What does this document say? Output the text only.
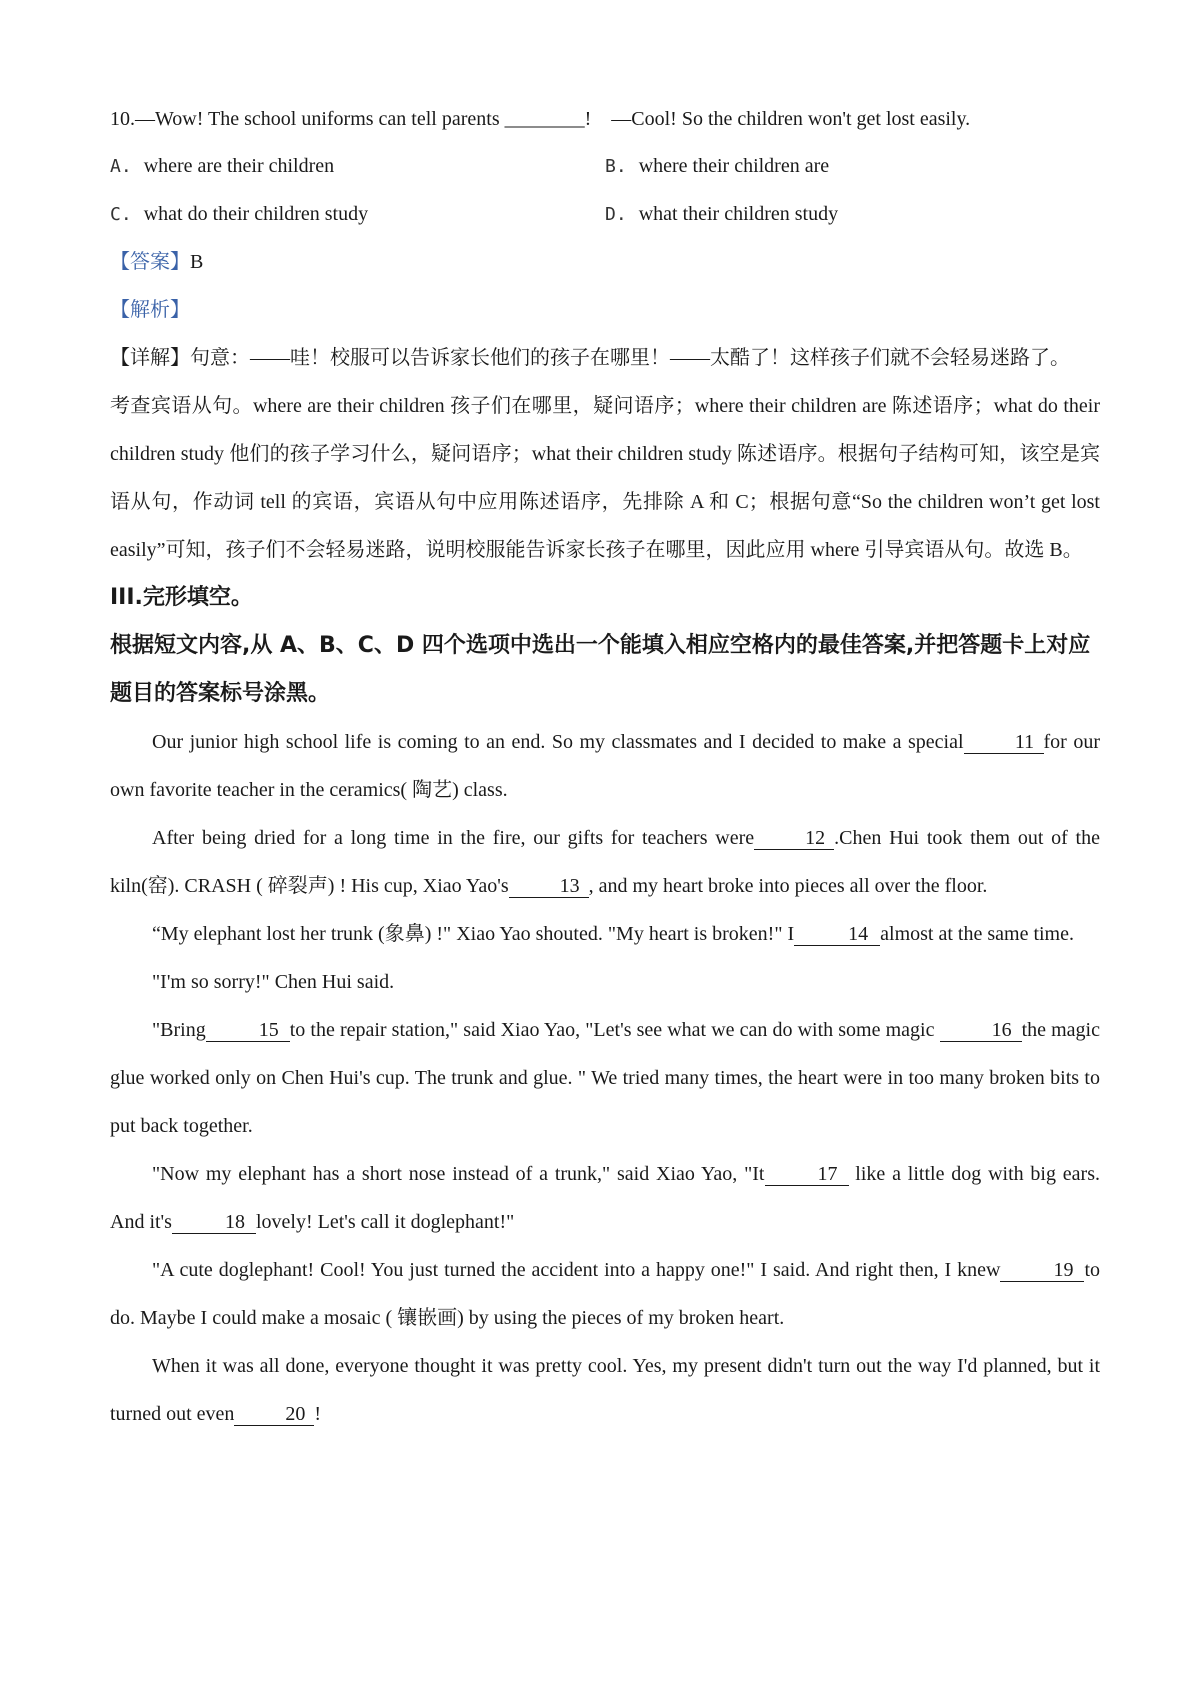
10.—Wow! The school uniforms can tell parents ________!    —Cool! So the children won't get lost easily.
A. where are their children	B. where their children are
C. what do their children study	D. what their children study
【答案】B
【解析】

【详解】句意：——哇！校服可以告诉家长他们的孩子在哪里！——太酷了！这样孩子们就不会轻易迷路了。

考查宾语从句。where are their children 孩子们在哪里，疑问语序；where their children are 陈述语序；what do their children study 他们的孩子学习什么，疑问语序；what their children study 陈述语序。根据句子结构可知，该空是宾语从句，作动词 tell 的宾语，宾语从句中应用陈述语序，先排除 A 和 C；根据句意“So the children won’t get lost easily”可知，孩子们不会轻易迷路，说明校服能告诉家长孩子在哪里，因此应用 where 引导宾语从句。故选 B。

III.完形填空。

根据短文内容,从 A、B、C、D 四个选项中选出一个能填入相应空格内的最佳答案,并把答题卡上对应题目的答案标号涂黑。

Our junior high school life is coming to an end. So my classmates and I decided to make a special	11 for our own favorite teacher in the ceramics( 陶艺) class.

After being dried for a long time in the fire, our gifts for teachers were	12 .Chen Hui took them out of the kiln(窑). CRASH ( 碎裂声) ! His cup, Xiao Yao's	13 , and my heart broke into pieces all over the floor.

“My elephant lost her trunk (象鼻) !" Xiao Yao shouted. "My heart is broken!" I	14 almost at the same time.

"I'm so sorry!" Chen Hui said.

"Bring	15 to the repair station," said Xiao Yao, "Let's see what we can do with some magic	16 the magic glue worked only on Chen Hui's cup. The trunk and glue. " We tried many times, the heart were in too many broken bits to put back together.

"Now my elephant has a short nose instead of a trunk," said Xiao Yao, "It	17 like a little dog with big ears. And it's	18 lovely! Let's call it doglephant!"

"A cute doglephant! Cool! You just turned the accident into a happy one!" I said. And right then, I knew	19 to do. Maybe I could make a mosaic ( 镶嵌画) by using the pieces of my broken heart.

When it was all done, everyone thought it was pretty cool. Yes, my present didn't turn out the way I'd planned, but it turned out even	20 !
